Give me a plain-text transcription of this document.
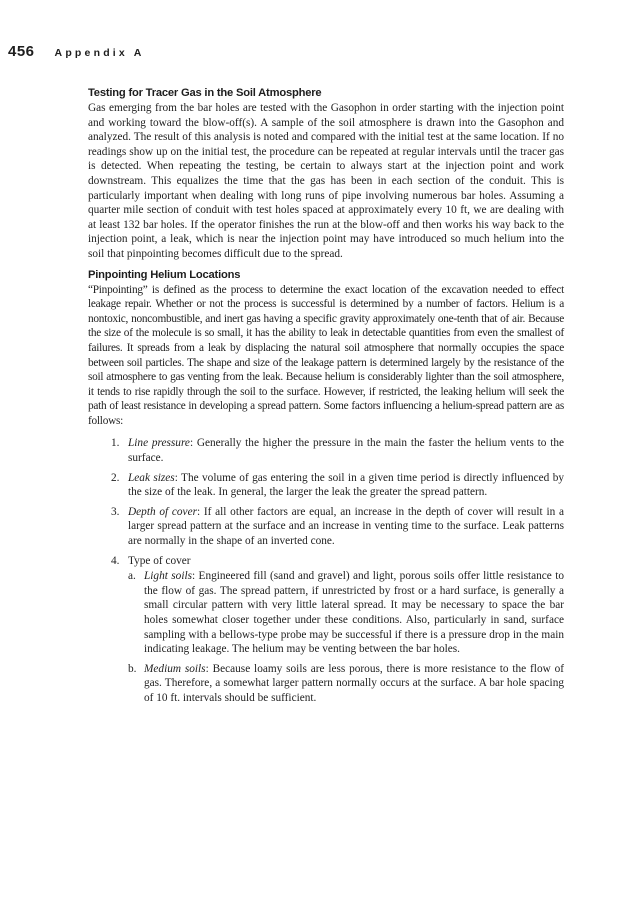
456 Appendix A
Testing for Tracer Gas in the Soil Atmosphere

Gas emerging from the bar holes are tested with the Gasophon in order starting with the injection point and working toward the blow-off(s). A sample of the soil atmosphere is drawn into the Gasophon and analyzed. The result of this analysis is noted and compared with the initial test at the same location. If no readings show up on the initial test, the procedure can be repeated at regular intervals until the tracer gas is detected. When repeating the testing, be certain to always start at the injection point and work downstream. This equalizes the time that the gas has been in each section of the conduit. This is particularly important when dealing with long runs of pipe involving numerous bar holes. Assuming a quarter mile section of conduit with test holes spaced at approximately every 10 ft, we are dealing with at least 132 bar holes. If the operator finishes the run at the blow-off and then works his way back to the injection point, a leak, which is near the injection point may have introduced so much helium into the soil that pinpointing becomes difficult due to the spread.

Pinpointing Helium Locations

“Pinpointing” is defined as the process to determine the exact location of the excavation needed to effect leakage repair. Whether or not the process is successful is determined by a number of factors. Helium is a nontoxic, noncombustible, and inert gas having a specific gravity approximately one-tenth that of air. Because the size of the molecule is so small, it has the ability to leak in detectable quantities from even the smallest of failures. It spreads from a leak by displacing the natural soil atmosphere that normally occupies the space between soil particles. The shape and size of the leakage pattern is determined largely by the resistance of the soil atmosphere to gas venting from the leak. Because helium is considerably lighter than the soil atmosphere, it tends to rise rapidly through the soil to the surface. However, if restricted, the leaking helium will seek the path of least resistance in developing a spread pattern. Some factors influencing a helium-spread pattern are as follows:

1. Line pressure: Generally the higher the pressure in the main the faster the helium vents to the surface.
2. Leak sizes: The volume of gas entering the soil in a given time period is directly influenced by the size of the leak. In general, the larger the leak the greater the spread pattern.
3. Depth of cover: If all other factors are equal, an increase in the depth of cover will result in a larger spread pattern at the surface and an increase in venting time to the surface. Leak patterns are normally in the shape of an inverted cone.
4. Type of cover
a. Light soils: Engineered fill (sand and gravel) and light, porous soils offer little resistance to the flow of gas. The spread pattern, if unrestricted by frost or a hard surface, is generally a small circular pattern with very little lateral spread. It may be necessary to space the bar holes somewhat closer together under these conditions. Also, particularly in sand, surface sampling with a bellows-type probe may be successful if there is a pressure drop in the main indicating leakage. The helium may be venting between the bar holes.
b. Medium soils: Because loamy soils are less porous, there is more resistance to the flow of gas. Therefore, a somewhat larger pattern normally occurs at the surface. A bar hole spacing of 10 ft. intervals should be sufficient.
